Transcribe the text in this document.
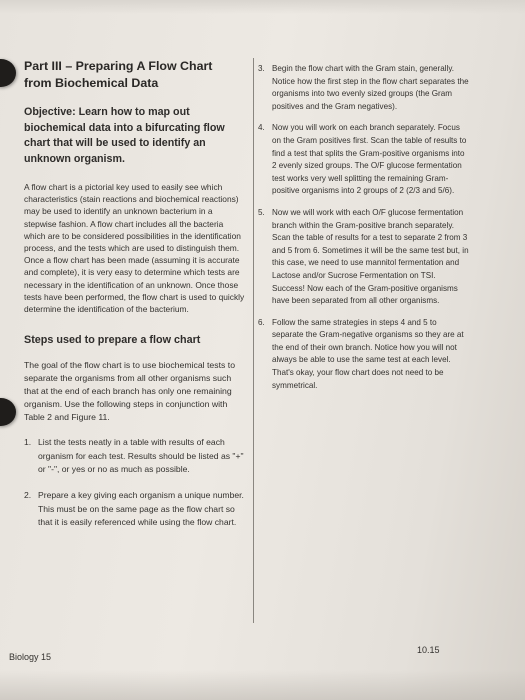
Part III – Preparing A Flow Chart
from Biochemical Data

Objective: Learn how to map out biochemical data into a bifurcating flow chart that will be used to identify an unknown organism.

A flow chart is a pictorial key used to easily see which characteristics (stain reactions and biochemical reactions) may be used to identify an unknown bacterium in a stepwise fashion. A flow chart includes all the bacteria which are to be considered possibilities in the identification process, and the tests which are used to distinguish them. Once a flow chart has been made (assuming it is accurate and complete), it is very easy to determine which tests are necessary in the identification of an unknown. Once those tests have been performed, the flow chart is used to quickly determine the identification of the bacterium.

Steps used to prepare a flow chart

The goal of the flow chart is to use biochemical tests to separate the organisms from all other organisms such that at the end of each branch has only one remaining organism. Use the following steps in conjunction with Table 2 and Figure 11.

1. List the tests neatly in a table with results of each organism for each test. Results should be listed as "+" or "-", or yes or no as much as possible.
2. Prepare a key giving each organism a unique number. This must be on the same page as the flow chart so that it is easily referenced while using the flow chart.
3. Begin the flow chart with the Gram stain, generally. Notice how the first step in the flow chart separates the organisms into two evenly sized groups (the Gram positives and the Gram negatives).
4. Now you will work on each branch separately. Focus on the Gram positives first. Scan the table of results to find a test that splits the Gram-positive organisms into 2 evenly sized groups. The O/F glucose fermentation test works very well splitting the remaining Gram-positive organisms into 2 groups of 2 (2/3 and 5/6).
5. Now we will work with each O/F glucose fermentation branch within the Gram-positive branch separately. Scan the table of results for a test to separate 2 from 3 and 5 from 6. Sometimes it will be the same test but, in this case, we need to use mannitol fermentation and Lactose and/or Sucrose Fermentation on TSI. Success! Now each of the Gram-positive organisms have been separated from all other organisms.
6. Follow the same strategies in steps 4 and 5 to separate the Gram-negative organisms so they are at the end of their own branch. Notice how you will not always be able to use the same test at each level. That's okay, your flow chart does not need to be symmetrical.
Biology 15
10.15
